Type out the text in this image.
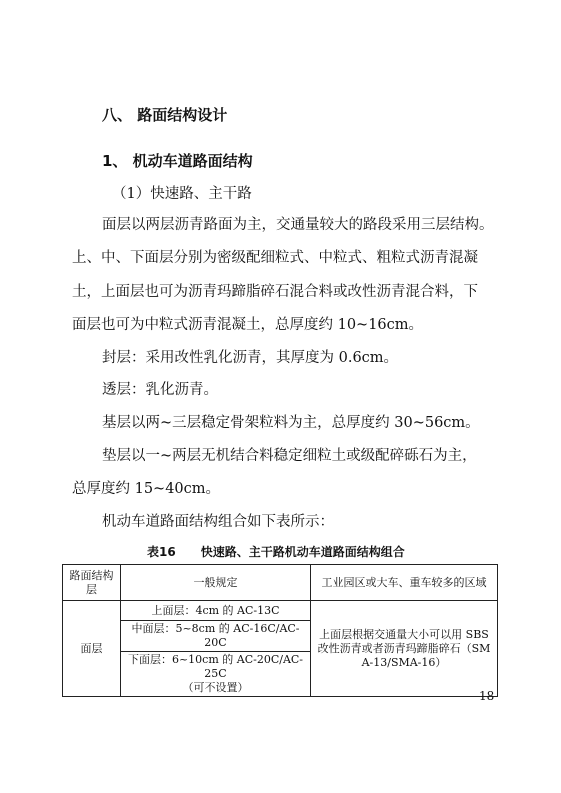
八、 路面结构设计
1、 机动车道路面结构
（1）快速路、主干路
面层以两层沥青路面为主，交通量较大的路段采用三层结构。
上、中、下面层分别为密级配细粒式、中粒式、粗粒式沥青混凝
土，上面层也可为沥青玛蹄脂碎石混合料或改性沥青混合料，下
面层也可为中粒式沥青混凝土，总厚度约 10~16cm。
封层：采用改性乳化沥青，其厚度为 0.6cm。
透层：乳化沥青。
基层以两~三层稳定骨架粒料为主，总厚度约 30~56cm。
垫层以一~两层无机结合料稳定细粒土或级配碎砾石为主，
总厚度约 15~40cm。
机动车道路面结构组合如下表所示：
表16      快速路、主干路机动车道路面结构组合
路面结构层	一般规定	工业园区或大车、重车较多的区域
面层	上面层：4cm 的 AC-13C	上面层根据交通量大小可以用 SBS
改性沥青或者沥青玛蹄脂碎石（SM
A-13/SMA-16）

	中面层：5~8cm 的 AC-16C/AC-20C	

	下面层：6~10cm 的 AC-20C/AC-25C
（可不设置）	
18
